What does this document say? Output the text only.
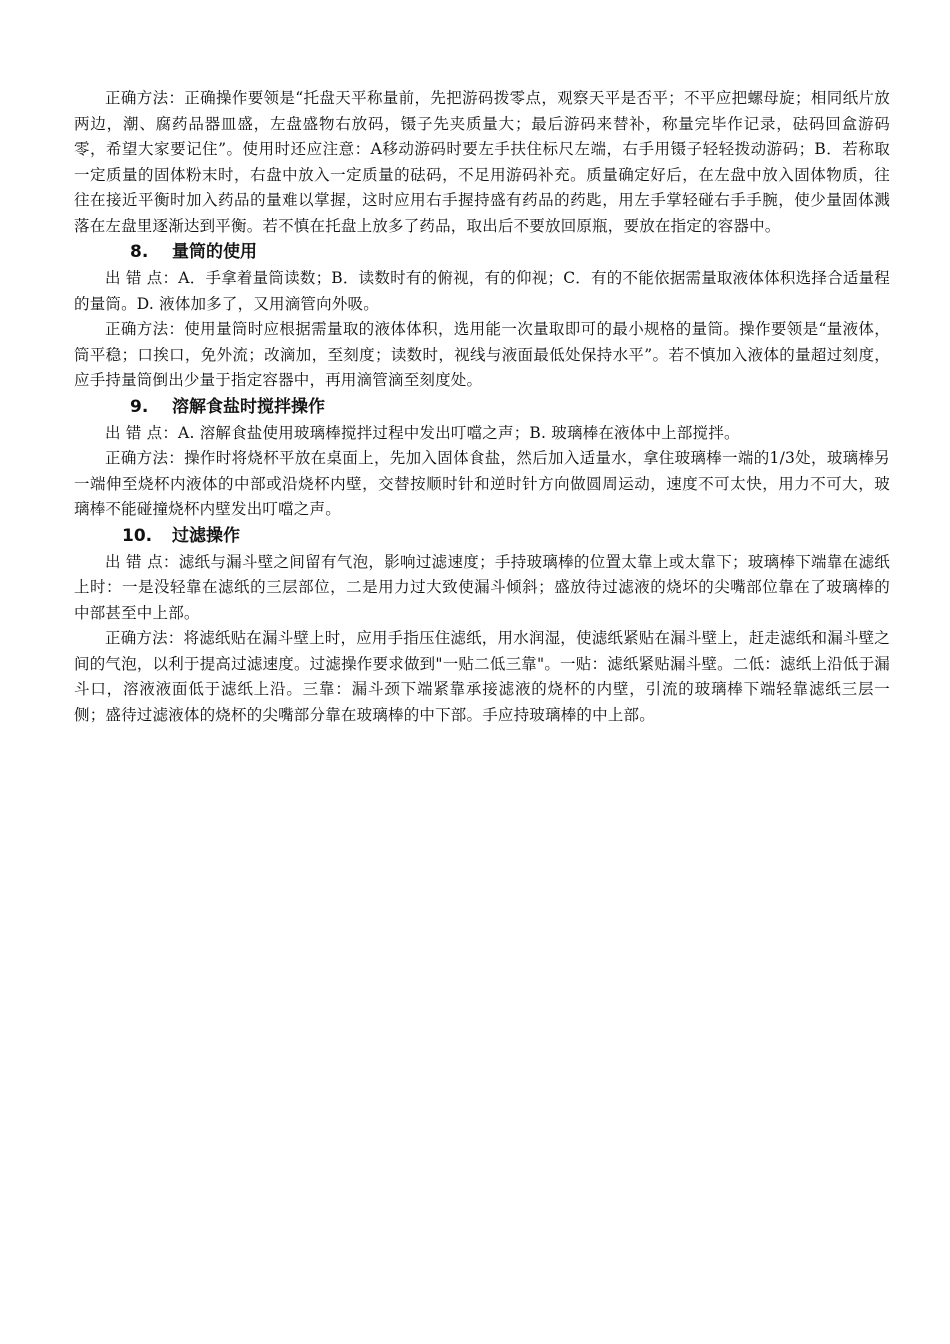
正确方法：正确操作要领是“托盘天平称量前，先把游码拨零点，观察天平是否平；不平应把螺母旋；相同纸片放两边，潮、腐药品器皿盛，左盘盛物右放码，镊子先夹质量大；最后游码来替补，称量完毕作记录，砝码回盒游码零，希望大家要记住”。使用时还应注意：A移动游码时要左手扶住标尺左端，右手用镊子轻轻拨动游码；B．若称取一定质量的固体粉末时，右盘中放入一定质量的砝码，不足用游码补充。质量确定好后，在左盘中放入固体物质，往往在接近平衡时加入药品的量难以掌握，这时应用右手握持盛有药品的药匙，用左手掌轻碰右手手腕，使少量固体溅落在左盘里逐渐达到平衡。若不慎在托盘上放多了药品，取出后不要放回原瓶，要放在指定的容器中。

8. 量筒的使用

出 错 点：A．手拿着量筒读数；B．读数时有的俯视，有的仰视；C．有的不能依据需量取液体体积选择合适量程的量筒。D. 液体加多了，又用滴管向外吸。

正确方法：使用量筒时应根据需量取的液体体积，选用能一次量取即可的最小规格的量筒。操作要领是“量液体，筒平稳；口挨口，免外流；改滴加，至刻度；读数时，视线与液面最低处保持水平”。若不慎加入液体的量超过刻度，应手持量筒倒出少量于指定容器中，再用滴管滴至刻度处。

9. 溶解食盐时搅拌操作

出 错 点：A. 溶解食盐使用玻璃棒搅拌过程中发出叮噹之声；B. 玻璃棒在液体中上部搅拌。

正确方法：操作时将烧杯平放在桌面上，先加入固体食盐，然后加入适量水，拿住玻璃棒一端的1/3处，玻璃棒另一端伸至烧杯内液体的中部或沿烧杯内壁，交替按顺时针和逆时针方向做圆周运动，速度不可太快，用力不可大，玻璃棒不能碰撞烧杯内壁发出叮噹之声。

10. 过滤操作

出 错 点：滤纸与漏斗壁之间留有气泡，影响过滤速度；手持玻璃棒的位置太靠上或太靠下；玻璃棒下端靠在滤纸上时：一是没轻靠在滤纸的三层部位，二是用力过大致使漏斗倾斜；盛放待过滤液的烧坏的尖嘴部位靠在了玻璃棒的中部甚至中上部。

正确方法：将滤纸贴在漏斗壁上时，应用手指压住滤纸，用水润湿，使滤纸紧贴在漏斗壁上，赶走滤纸和漏斗壁之间的气泡，以利于提高过滤速度。过滤操作要求做到"一贴二低三靠"。一贴：滤纸紧贴漏斗壁。二低：滤纸上沿低于漏斗口，溶液液面低于滤纸上沿。三靠：漏斗颈下端紧靠承接滤液的烧杯的内壁，引流的玻璃棒下端轻靠滤纸三层一侧；盛待过滤液体的烧杯的尖嘴部分靠在玻璃棒的中下部。手应持玻璃棒的中上部。
